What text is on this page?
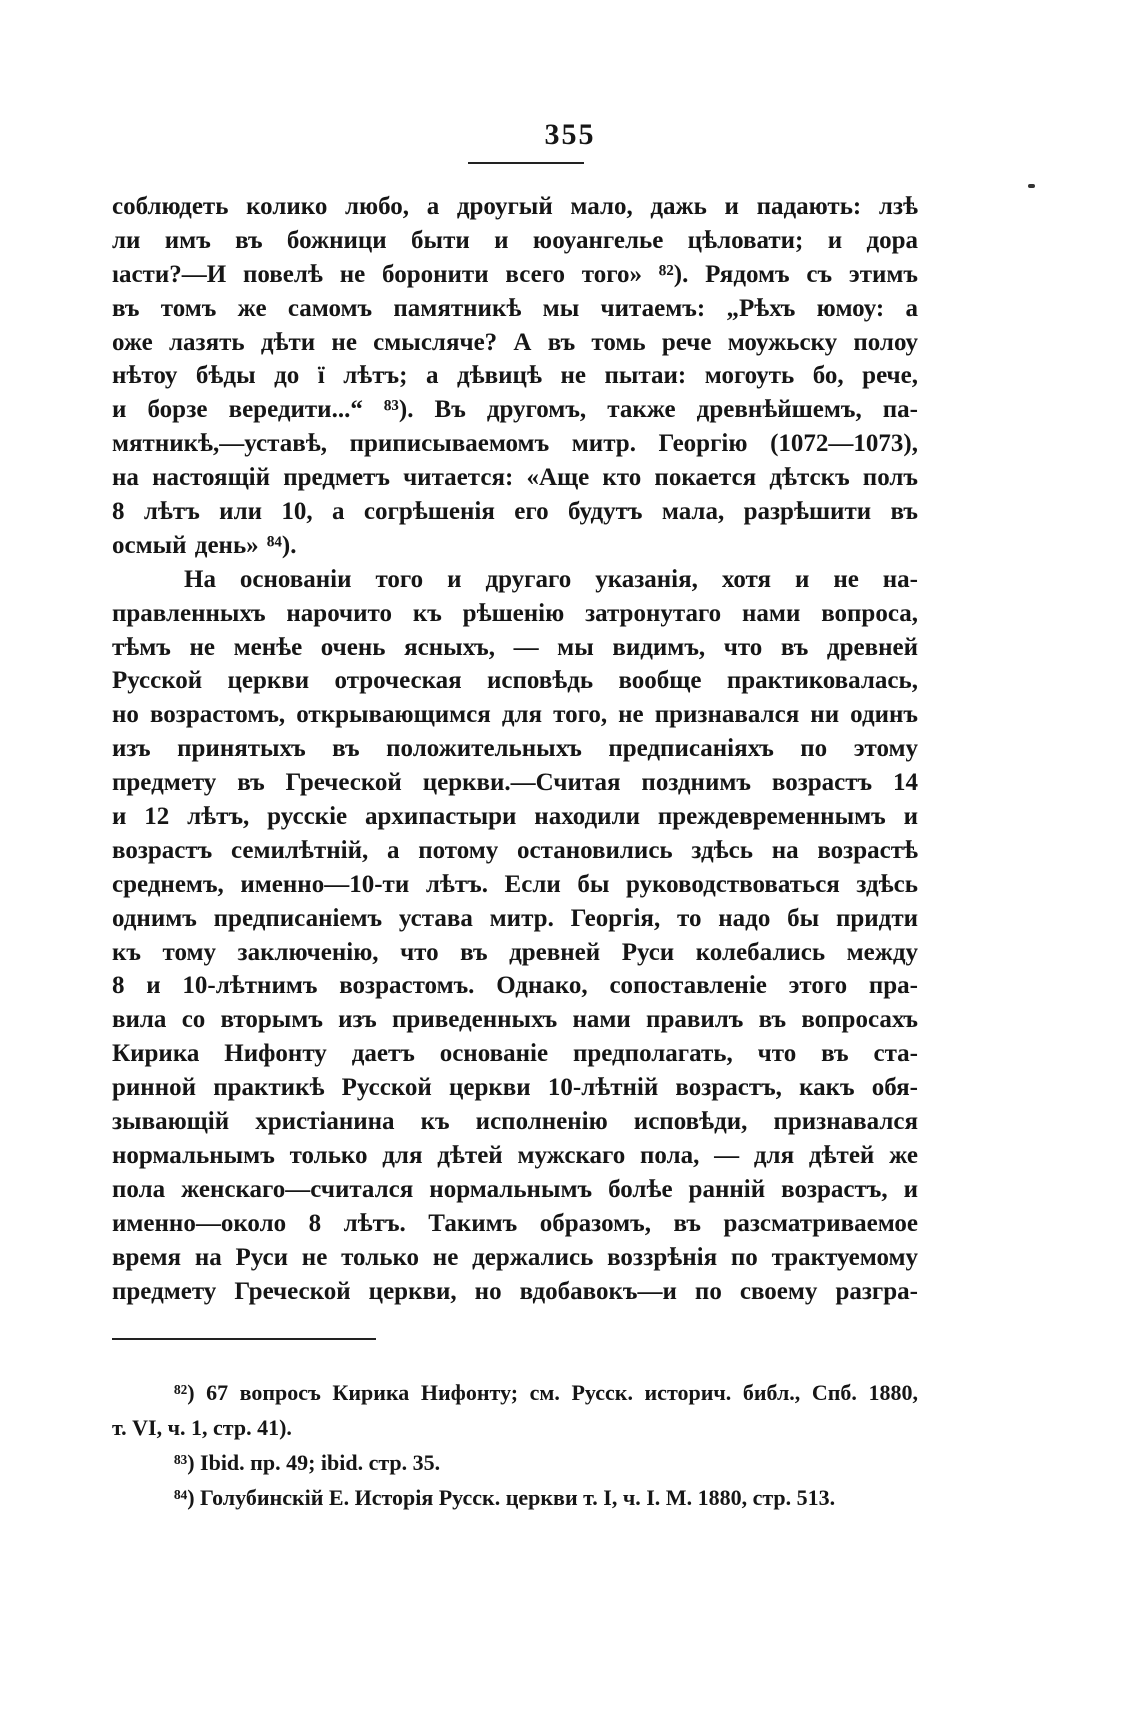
355
соблюдеть колико любо, а дроугый мало, дажь и падають: лзѣ
ли имъ въ божници быти и юоуангелье цѣловати; и дора
ıасти?—И повелѣ не боронити всего того» ⁸²). Рядомъ съ этимъ
въ томъ же самомъ памятникѣ мы читаемъ: „Рѣхъ юмоу: а
оже лазять дѣти не смысляче? А въ томь рече моужьску полоу
нѣтоу бѣды до ї лѣтъ; а дѣвицѣ не пытаи: могоуть бо, рече,
и борзе вередити...“ ⁸³). Въ другомъ, также древнѣйшемъ, па-
мятникѣ,—уставѣ, приписываемомъ митр. Георгію (1072—1073),
на настоящій предметъ читается: «Аще кто покается дѣтскъ полъ
8 лѣтъ или 10, а согрѣшенія его будутъ мала, разрѣшити въ
осмый день» ⁸⁴).
На основаніи того и другаго указанія, хотя и не на-
правленныхъ нарочито къ рѣшенію затронутаго нами вопроса,
тѣмъ не менѣе очень ясныхъ, — мы видимъ, что въ древней
Русской церкви отроческая исповѣдь вообще практиковалась,
но возрастомъ, открывающимся для того, не признавался ни одинъ
изъ принятыхъ въ положительныхъ предписаніяхъ по этому
предмету въ Греческой церкви.—Считая позднимъ возрастъ 14
и 12 лѣтъ, русскіе архипастыри находили преждевременнымъ и
возрастъ семилѣтній, а потому остановились здѣсь на возрастѣ
среднемъ, именно—10-ти лѣтъ. Если бы руководствоваться здѣсь
однимъ предписаніемъ устава митр. Георгія, то надо бы придти
къ тому заключенію, что въ древней Руси колебались между
8 и 10-лѣтнимъ возрастомъ. Однако, сопоставленіе этого пра-
вила со вторымъ изъ приведенныхъ нами правилъ въ вопросахъ
Кирика Нифонту даетъ основаніе предполагать, что въ ста-
ринной практикѣ Русской церкви 10-лѣтній возрастъ, какъ обя-
зывающій христіанина къ исполненію исповѣди, признавался
нормальнымъ только для дѣтей мужскаго пола, — для дѣтей же
пола женскаго—считался нормальнымъ болѣе ранній возрастъ, и
именно—около 8 лѣтъ. Такимъ образомъ, въ разсматриваемое
время на Руси не только не держались воззрѣнія по трактуемому
предмету Греческой церкви, но вдобавокъ—и по своему разгра-
⁸²) 67 вопросъ Кирика Нифонту; см. Русск. историч. библ., Спб. 1880,
т. VI, ч. 1, стр. 41).
⁸³) Ibid. пр. 49; ibid. стр. 35.
⁸⁴) Голубинскій Е. Исторія Русск. церкви т. I, ч. I. М. 1880, стр. 513.
